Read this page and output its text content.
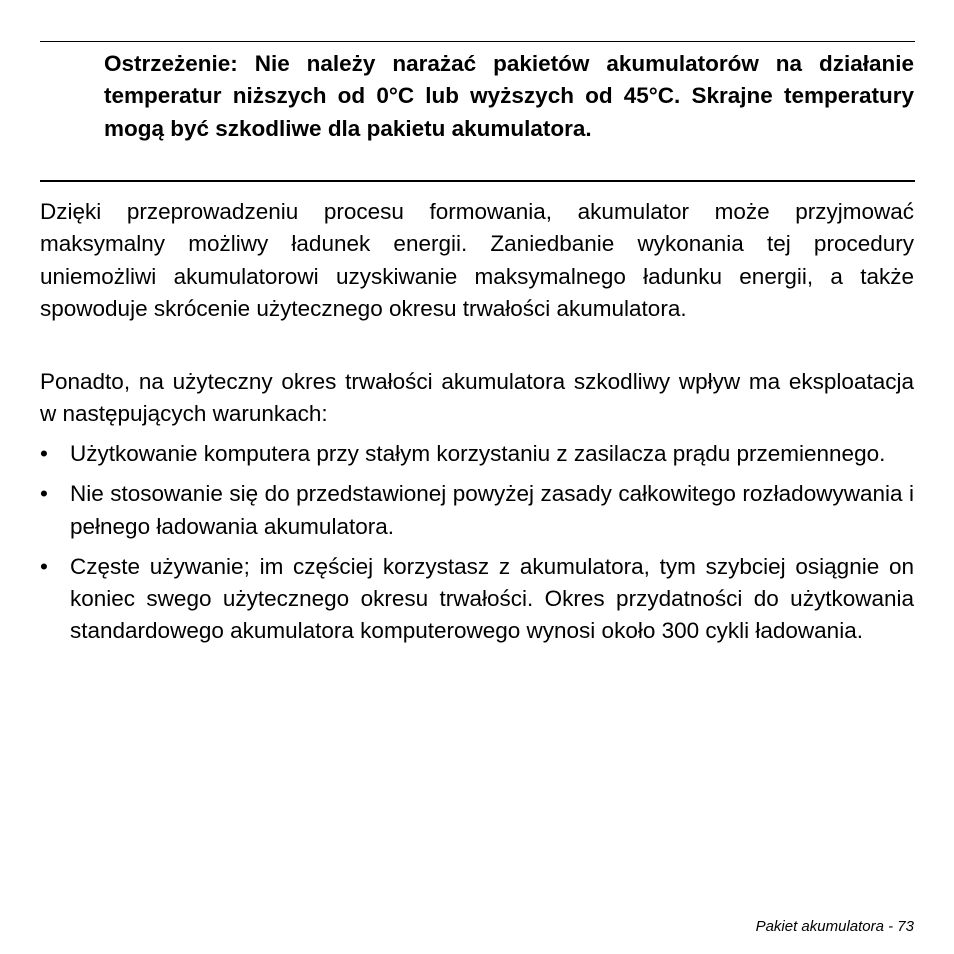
Ostrzeżenie: Nie należy narażać pakietów akumulatorów na działanie temperatur niższych od 0°C lub wyższych od 45°C. Skrajne temperatury mogą być szkodliwe dla pakietu akumulatora.

Dzięki przeprowadzeniu procesu formowania, akumulator może przyjmować maksymalny możliwy ładunek energii. Zaniedbanie wykonania tej procedury uniemożliwi akumulatorowi uzyskiwanie maksymalnego ładunku energii, a także spowoduje skrócenie użytecznego okresu trwałości akumulatora.

Ponadto, na użyteczny okres trwałości akumulatora szkodliwy wpływ ma eksploatacja w następujących warunkach:

• Użytkowanie komputera przy stałym korzystaniu z zasilacza prądu przemiennego.
• Nie stosowanie się do przedstawionej powyżej zasady całkowitego rozładowywania i pełnego ładowania akumulatora.
• Częste używanie; im częściej korzystasz z akumulatora, tym szybciej osiągnie on koniec swego użytecznego okresu trwałości. Okres przydatności do użytkowania standardowego akumulatora komputerowego wynosi około 300 cykli ładowania.
Pakiet akumulatora - 73
